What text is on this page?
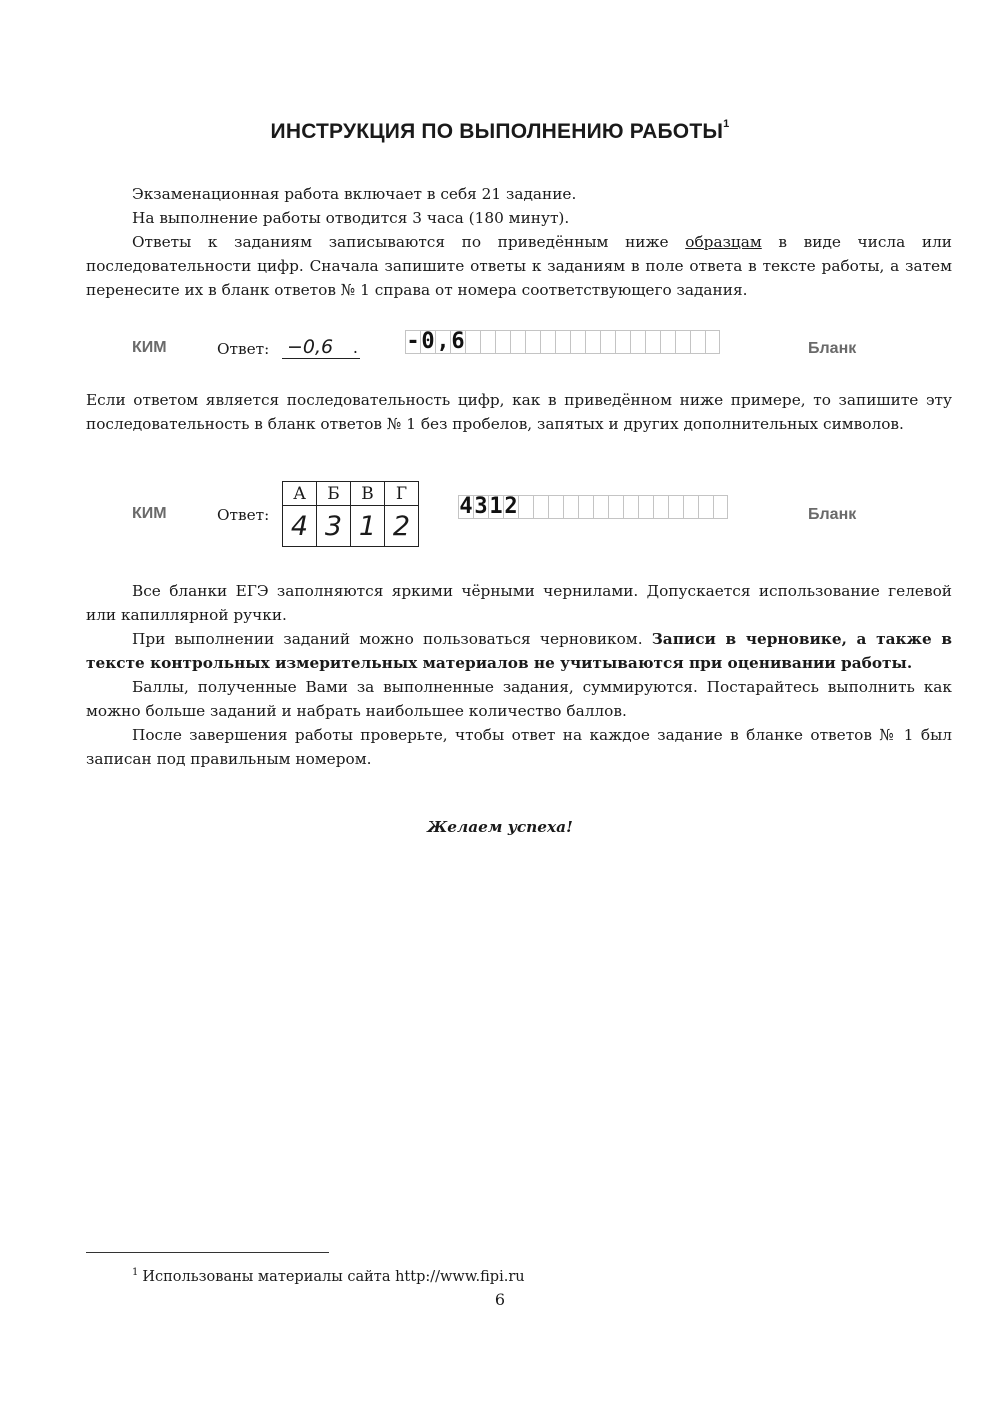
ИНСТРУКЦИЯ ПО ВЫПОЛНЕНИЮ РАБОТЫ$^1$

Экзаменационная работа включает в себя 21 задание.

На выполнение работы отводится 3 часа (180 минут).

Ответы к заданиям записываются по приведённым ниже образцам в виде числа или последовательности цифр. Сначала запишите ответы к заданиям в поле ответа в тексте работы, а затем перенесите их в бланк ответов № 1 справа от номера соответствующего задания.

КИМ	Ответ: −0,6 . - 0 , 6	Бланк

Если ответом является последовательность цифр, как в приведённом ниже примере, то запишите эту последовательность в бланк ответов № 1 без пробелов, запятых и других дополнительных символов.

КИМ	Ответ:
А	Б	В	Г
4	3	1	2
4 3 1 2	Бланк

Все бланки ЕГЭ заполняются яркими чёрными чернилами. Допускается использование гелевой или капиллярной ручки.

При выполнении заданий можно пользоваться черновиком. Записи в черновике, а также в тексте контрольных измерительных материалов не учитываются при оценивании работы.

Баллы, полученные Вами за выполненные задания, суммируются. Постарайтесь выполнить как можно больше заданий и набрать наибольшее количество баллов.

После завершения работы проверьте, чтобы ответ на каждое задание в бланке ответов № 1 был записан под правильным номером.

Желаем успеха!
$^1$ Использованы материалы сайта http://www.fipi.ru
6
